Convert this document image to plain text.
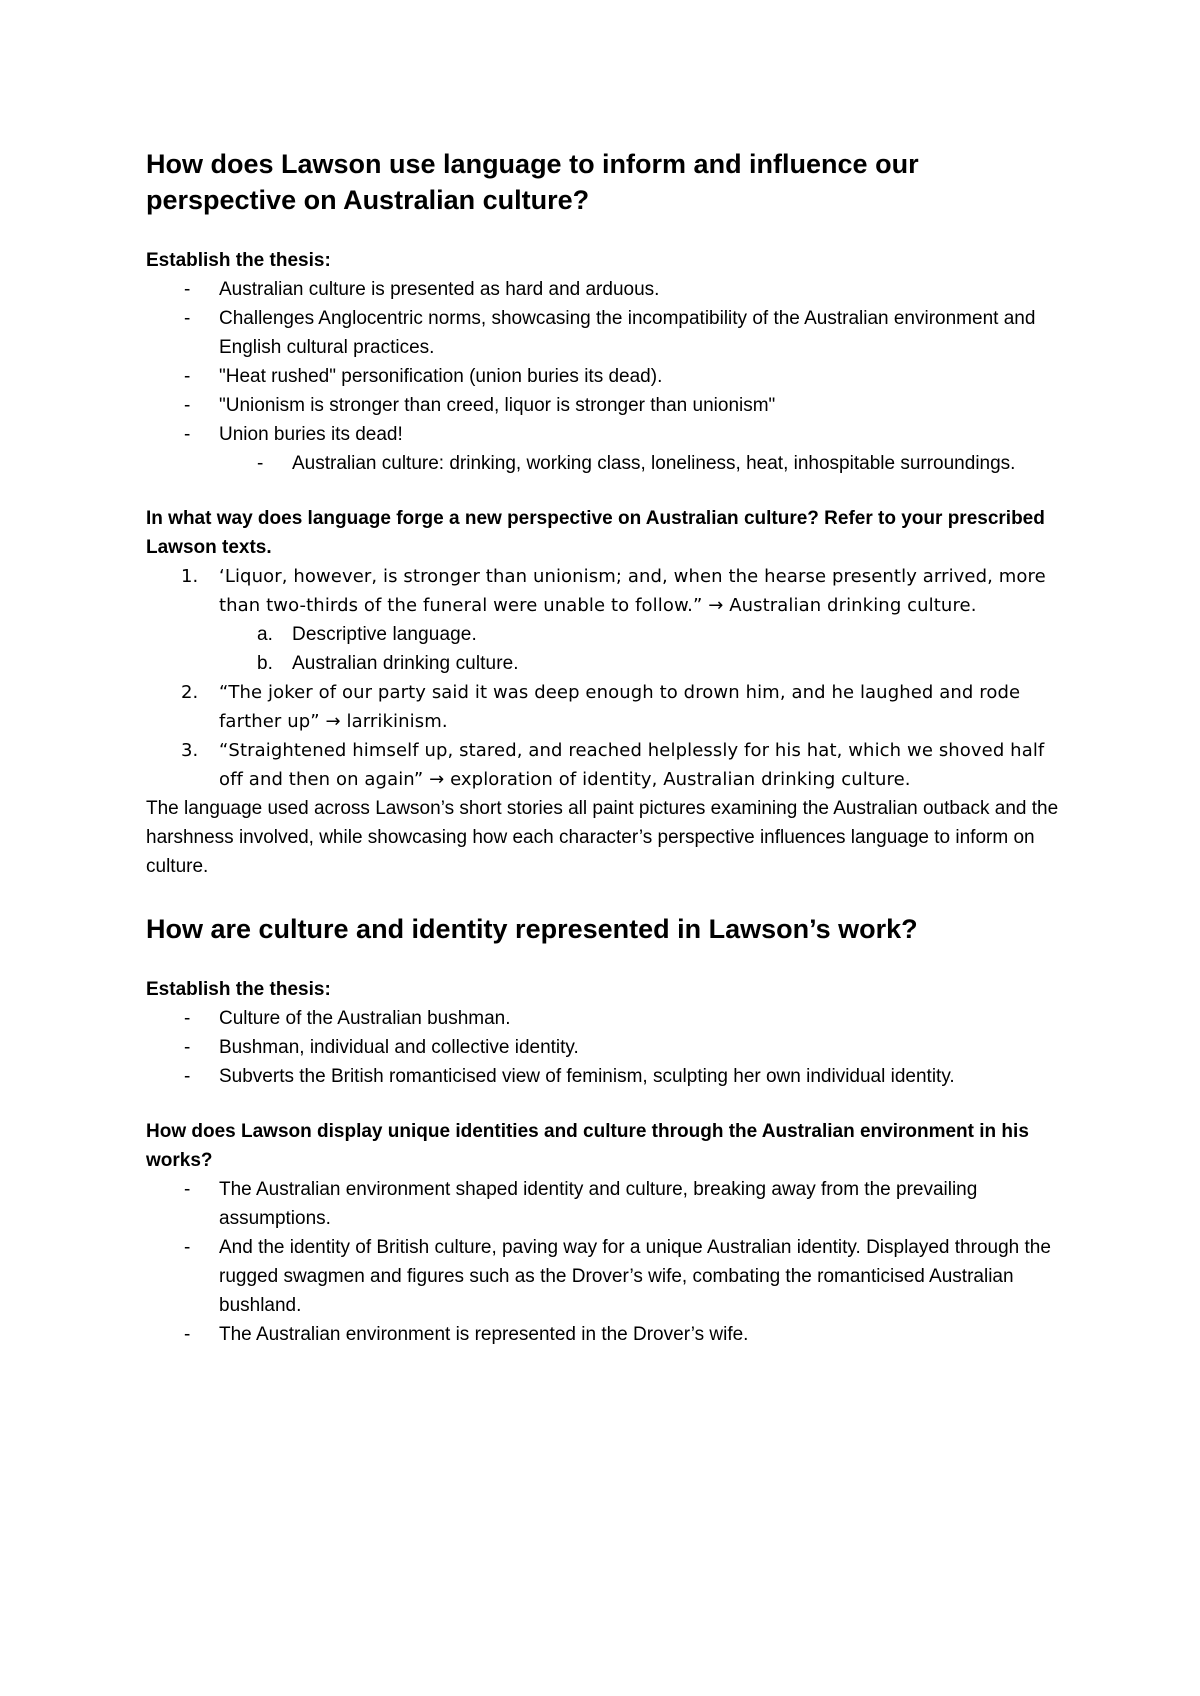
How does Lawson use language to inform and influence our perspective on Australian culture?
Establish the thesis:
- Australian culture is presented as hard and arduous.
- Challenges Anglocentric norms, showcasing the incompatibility of the Australian environment and English cultural practices.
- "Heat rushed" personification (union buries its dead).
- "Unionism is stronger than creed, liquor is stronger than unionism"
- Union buries its dead!
- Australian culture: drinking, working class, loneliness, heat, inhospitable surroundings.
In what way does language forge a new perspective on Australian culture? Refer to your prescribed Lawson texts.
1. ‘Liquor, however, is stronger than unionism; and, when the hearse presently arrived, more than two-thirds of the funeral were unable to follow.” → Australian drinking culture.
a. Descriptive language.
b. Australian drinking culture.
2. “The joker of our party said it was deep enough to drown him, and he laughed and rode farther up” → larrikinism.
3. “Straightened himself up, stared, and reached helplessly for his hat, which we shoved half off and then on again” → exploration of identity, Australian drinking culture.

The language used across Lawson’s short stories all paint pictures examining the Australian outback and the harshness involved, while showcasing how each character’s perspective influences language to inform on culture.

How are culture and identity represented in Lawson’s work?
Establish the thesis:
- Culture of the Australian bushman.
- Bushman, individual and collective identity.
- Subverts the British romanticised view of feminism, sculpting her own individual identity.
How does Lawson display unique identities and culture through the Australian environment in his works?
- The Australian environment shaped identity and culture, breaking away from the prevailing assumptions.
- And the identity of British culture, paving way for a unique Australian identity. Displayed through the rugged swagmen and figures such as the Drover’s wife, combating the romanticised Australian bushland.
- The Australian environment is represented in the Drover’s wife.
